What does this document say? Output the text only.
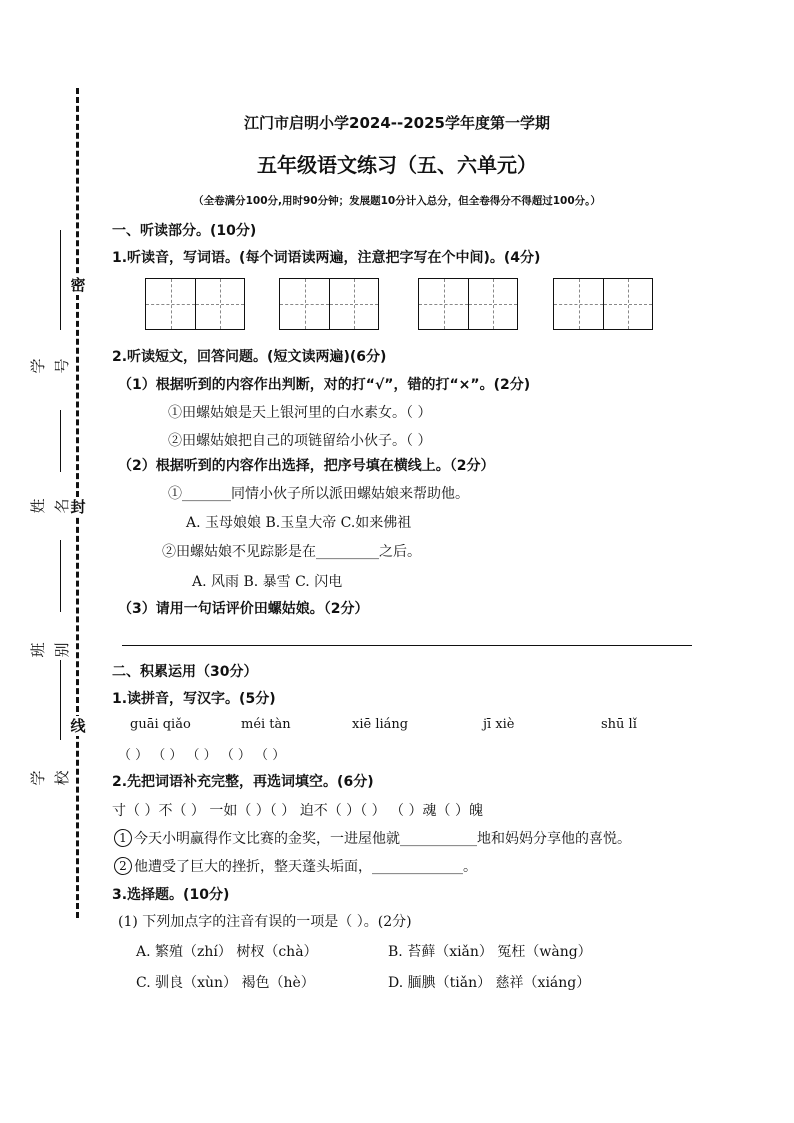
密
封
线
学号
姓名
班别
学校
江门市启明小学2024--2025学年度第一学期
五年级语文练习（五、六单元）
（全卷满分100分,用时90分钟；发展题10分计入总分，但全卷得分不得超过100分。）
一、听读部分。(10分)
1.听读音，写词语。(每个词语读两遍，注意把字写在个中间)。(4分)
2.听读短文，回答问题。(短文读两遍)(6分)
（1）根据听到的内容作出判断，对的打“√”，错的打“×”。(2分)
①田螺姑娘是天上银河里的白水素女。（ ）
②田螺姑娘把自己的项链留给小伙子。（ ）
（2）根据听到的内容作出选择，把序号填在横线上。（2分）
①_______同情小伙子所以派田螺姑娘来帮助他。
A. 玉母娘娘 B.玉皇大帝 C.如来佛祖
②田螺姑娘不见踪影是在_________之后。
A. 风雨 B. 暴雪 C. 闪电
（3）请用一句话评价田螺姑娘。（2分）
二、积累运用（30分）
1.读拼音，写汉字。(5分)
guāi qiǎo	méi tàn	xiē liáng	jī xiè	shū lǐ
（ ） （ ） （ ） （ ） （ ）
2.先把词语补充完整，再选词填空。(6分)
寸（ ）不（ ） 一如（ ）（ ） 迫不（ ）（ ） （ ）魂（ ）魄
1 今天小明赢得作文比赛的金奖，一进屋他就___________地和妈妈分享他的喜悦。
2 他遭受了巨大的挫折，整天蓬头垢面，_____________。
3.选择题。(10分)
(1) 下列加点字的注音有误的一项是（ ）。(2分)
A. 繁殖（zhí） 树杈（chà）	B. 苔藓（xiǎn） 冤枉（wàng）
C. 驯良（xùn） 褐色（hè）	D. 腼腆（tiǎn） 慈祥（xiáng）
